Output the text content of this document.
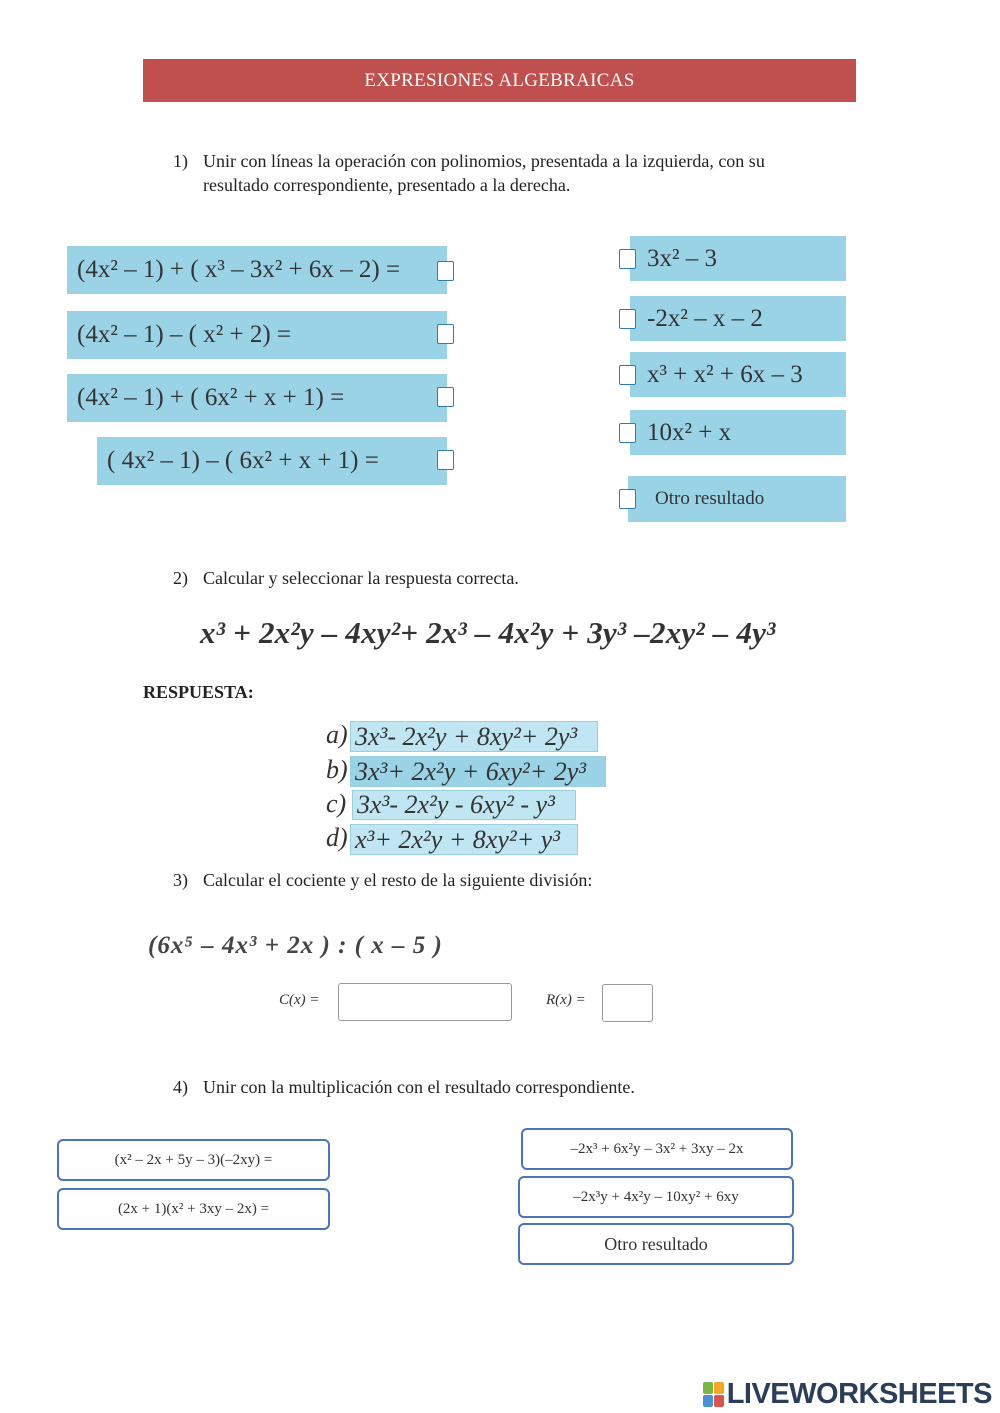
EXPRESIONES ALGEBRAICAS
1) Unir con líneas la operación con polinomios, presentada a la izquierda, con su
resultado correspondiente, presentado a la derecha.
(4x² – 1) + ( x³ – 3x² + 6x – 2) =
(4x² – 1) – ( x² + 2) =
(4x² – 1) + ( 6x² + x + 1) =
( 4x² – 1) – ( 6x² + x + 1) =
3x² – 3
-2x² – x – 2
x³ + x² + 6x – 3
10x² + x
Otro resultado
2) Calcular y seleccionar la respuesta correcta.
x³ + 2x²y – 4xy²+ 2x³ – 4x²y + 3y³ –2xy² – 4y³
RESPUESTA:
a) 3x³- 2x²y + 8xy²+ 2y³
b) 3x³+ 2x²y + 6xy²+ 2y³
c) 3x³- 2x²y - 6xy² - y³
d) x³+ 2x²y + 8xy²+ y³
3) Calcular el cociente y el resto de la siguiente división:
(6x⁵ – 4x³ + 2x ) : ( x – 5 )
C(x) =	R(x) =
4) Unir con la multiplicación con el resultado correspondiente.
(x² – 2x + 5y – 3)(–2xy) =
(2x + 1)(x² + 3xy – 2x) =
–2x³ + 6x²y – 3x² + 3xy – 2x
–2x³y + 4x²y – 10xy² + 6xy
Otro resultado
LIVEWORKSHEETS
